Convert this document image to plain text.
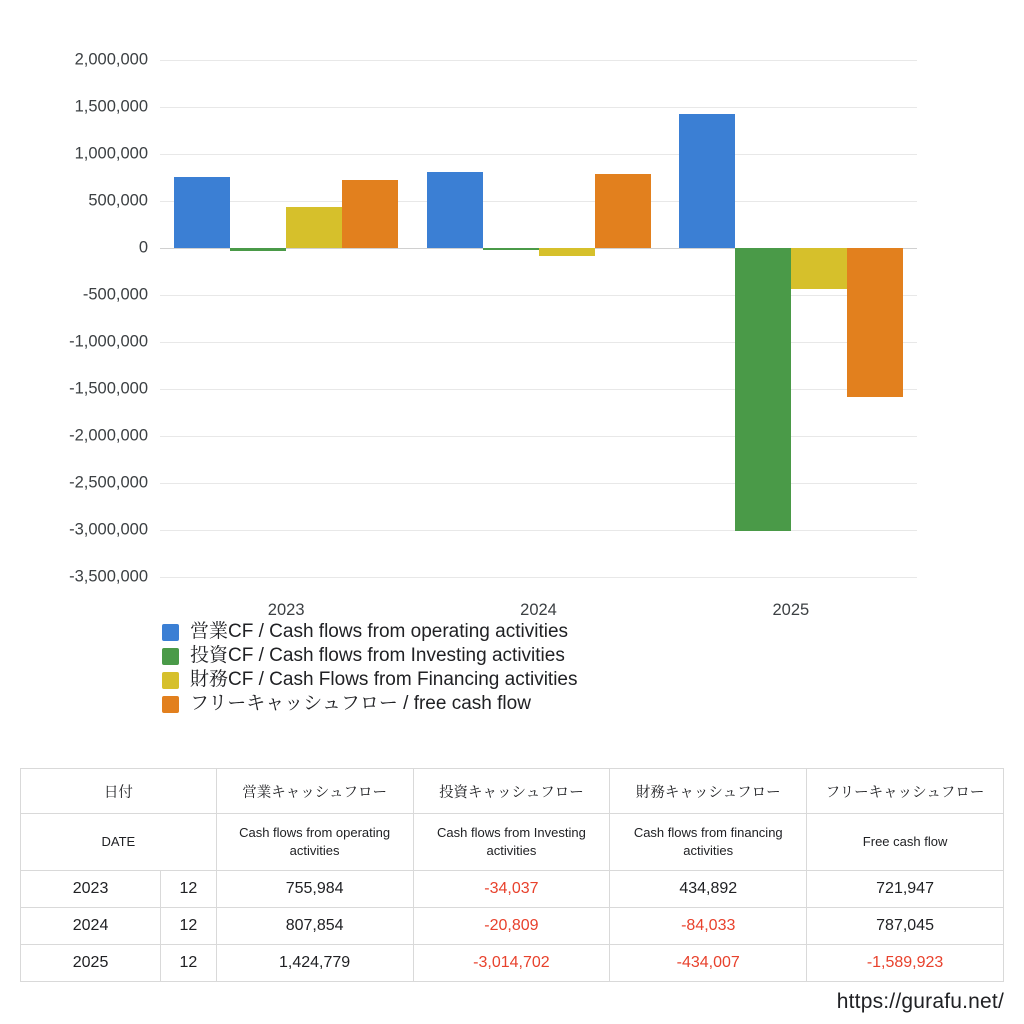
2,000,000
1,500,000
1,000,000
500,000
0
-500,000
-1,000,000
-1,500,000
-2,000,000
-2,500,000
-3,000,000
-3,500,000
2023	2024	2025
営業CF / Cash flows from operating activities
投資CF / Cash flows from Investing activities
財務CF / Cash Flows from Financing activities
フリーキャッシュフロー / free cash flow
日付		営業キャッシュフロー	投資キャッシュフロー	財務キャッシュフロー	フリーキャッシュフロー
DATE		Cash flows from operating activities	Cash flows from Investing activities	Cash flows from financing activities	Free cash flow
2023	12	755,984	-34,037	434,892	721,947
2024	12	807,854	-20,809	-84,033	787,045
2025	12	1,424,779	-3,014,702	-434,007	-1,589,923
https://gurafu.net/
